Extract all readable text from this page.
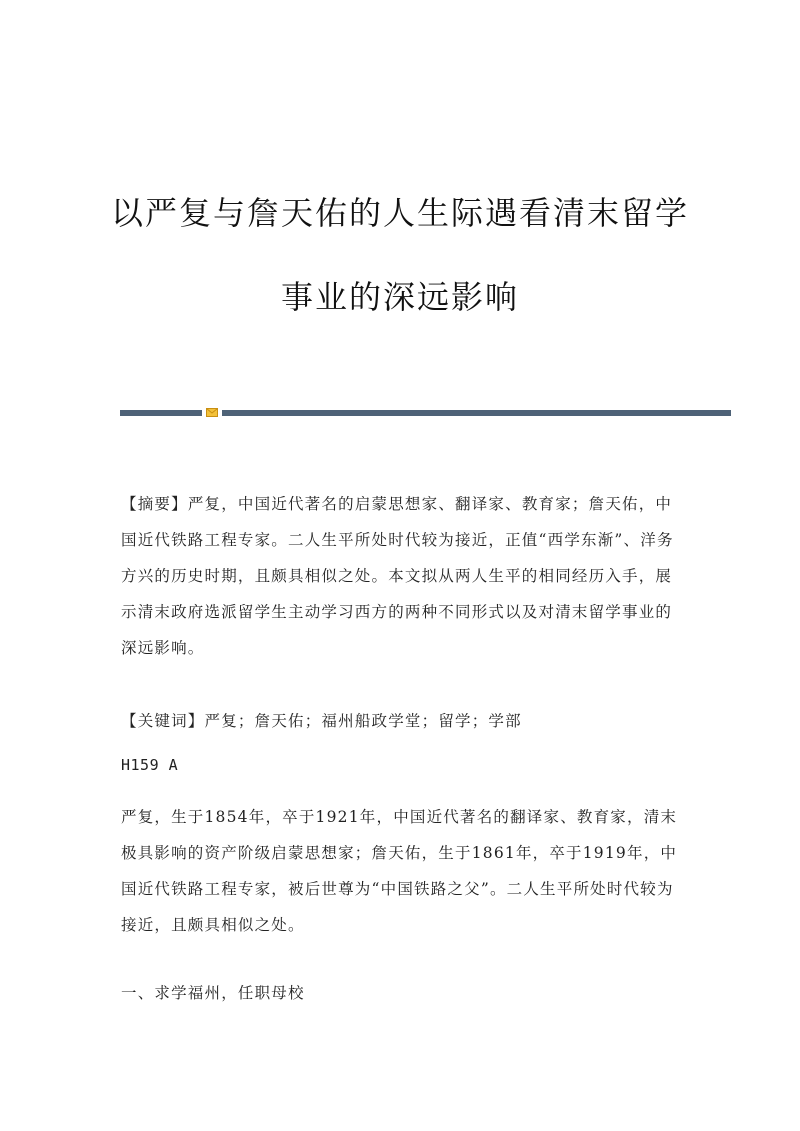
以严复与詹天佑的人生际遇看清末留学
事业的深远影响

【摘要】严复，中国近代著名的启蒙思想家、翻译家、教育家；詹天佑，中国近代铁路工程专家。二人生平所处时代较为接近，正值“西学东渐”、洋务方兴的历史时期，且颇具相似之处。本文拟从两人生平的相同经历入手，展示清末政府选派留学生主动学习西方的两种不同形式以及对清末留学事业的深远影响。

【关键词】严复；詹天佑；福州船政学堂；留学；学部

H159 A

严复，生于1854年，卒于1921年，中国近代著名的翻译家、教育家，清末极具影响的资产阶级启蒙思想家；詹天佑，生于1861年，卒于1919年，中国近代铁路工程专家，被后世尊为“中国铁路之父”。二人生平所处时代较为接近，且颇具相似之处。

一、求学福州，任职母校
